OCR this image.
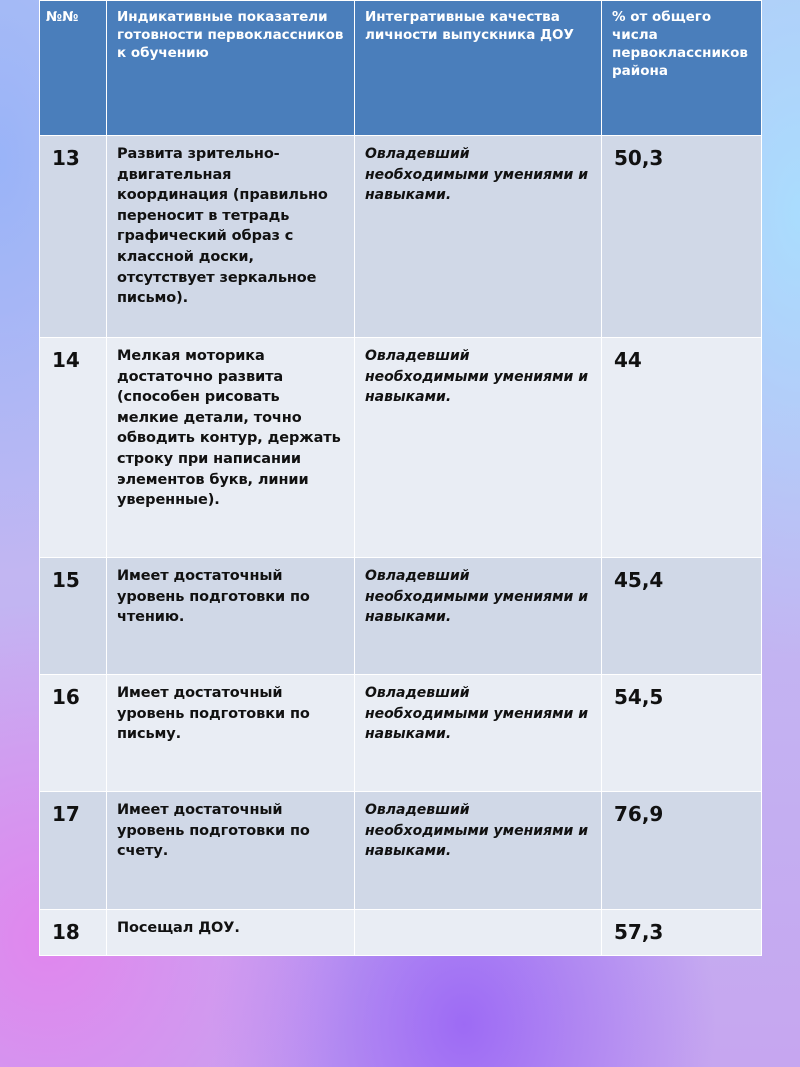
№№	Индикативные показатели готовности первоклассников к обучению	Интегративные качества личности выпускника ДОУ	% от общего числа первоклассников района
13	Развита зрительно-двигательная координация (правильно переносит в тетрадь графический образ с классной доски, отсутствует зеркальное письмо).	Овладевший необходимыми умениями и навыками.	50,3
14	Мелкая моторика достаточно развита (способен рисовать мелкие детали, точно обводить контур, держать строку при написании элементов букв, линии уверенные).	Овладевший необходимыми умениями и навыками.	44
15	Имеет достаточный уровень подготовки по чтению.	Овладевший необходимыми умениями и навыками.	45,4
16	Имеет достаточный уровень подготовки по письму.	Овладевший необходимыми умениями и навыками.	54,5
17	Имеет достаточный уровень подготовки по счету.	Овладевший необходимыми умениями и навыками.	76,9
18	Посещал ДОУ.		57,3
